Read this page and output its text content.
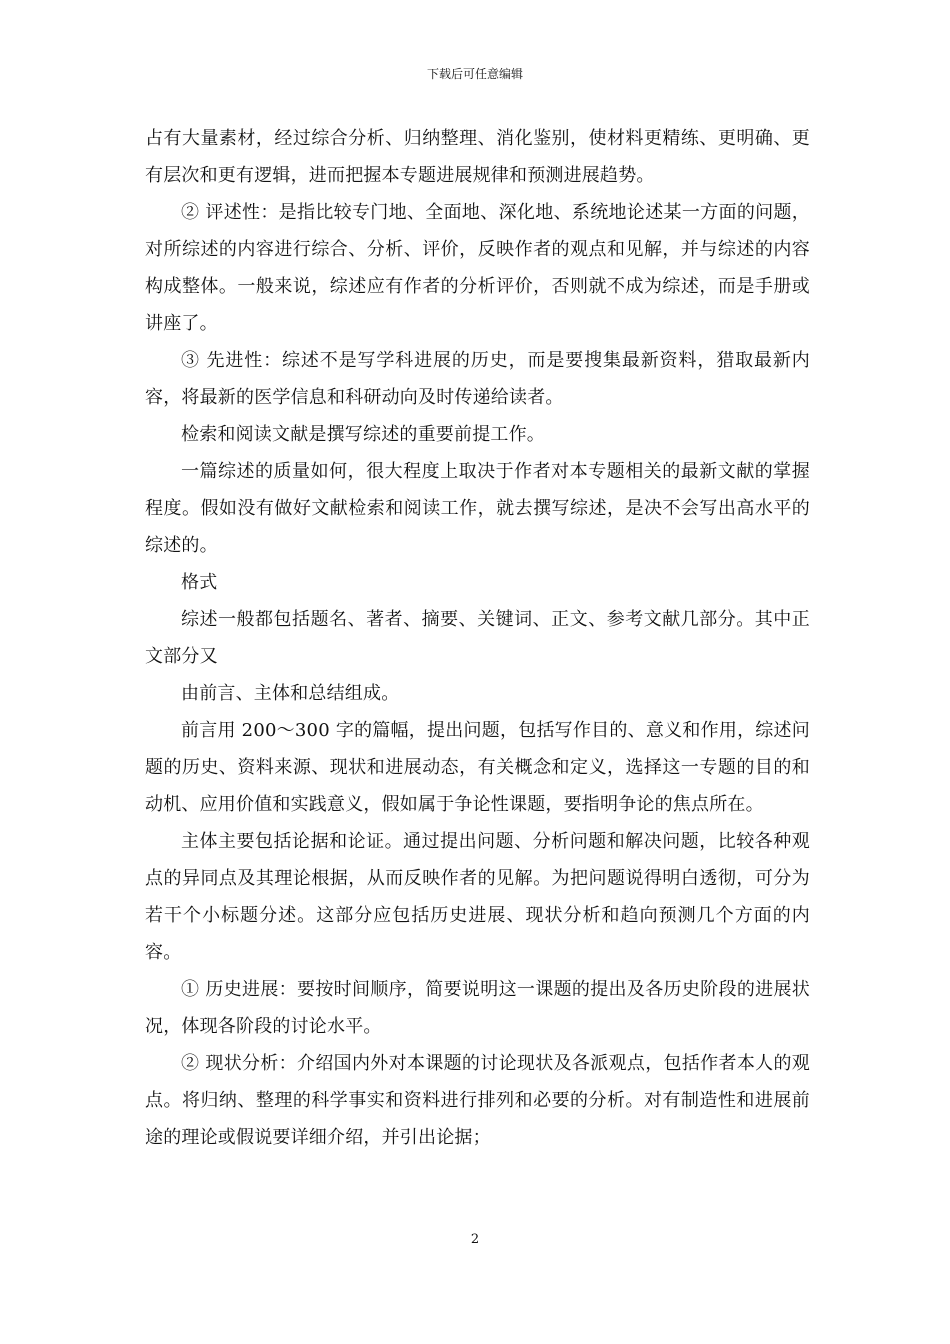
下载后可任意编辑

占有大量素材，经过综合分析、归纳整理、消化鉴别，使材料更精练、更明确、更有层次和更有逻辑，进而把握本专题进展规律和预测进展趋势。

② 评述性：是指比较专门地、全面地、深化地、系统地论述某一方面的问题，对所综述的内容进行综合、分析、评价，反映作者的观点和见解，并与综述的内容构成整体。一般来说，综述应有作者的分析评价，否则就不成为综述，而是手册或讲座了。

③ 先进性：综述不是写学科进展的历史，而是要搜集最新资料，猎取最新内容，将最新的医学信息和科研动向及时传递给读者。

检索和阅读文献是撰写综述的重要前提工作。

一篇综述的质量如何，很大程度上取决于作者对本专题相关的最新文献的掌握程度。假如没有做好文献检索和阅读工作，就去撰写综述，是决不会写出高水平的综述的。

格式

综述一般都包括题名、著者、摘要、关键词、正文、参考文献几部分。其中正文部分又

由前言、主体和总结组成。

前言用 200～300 字的篇幅，提出问题，包括写作目的、意义和作用，综述问题的历史、资料来源、现状和进展动态，有关概念和定义，选择这一专题的目的和动机、应用价值和实践意义，假如属于争论性课题，要指明争论的焦点所在。

主体主要包括论据和论证。通过提出问题、分析问题和解决问题，比较各种观点的异同点及其理论根据，从而反映作者的见解。为把问题说得明白透彻，可分为若干个小标题分述。这部分应包括历史进展、现状分析和趋向预测几个方面的内容。

① 历史进展：要按时间顺序，简要说明这一课题的提出及各历史阶段的进展状况，体现各阶段的讨论水平。

② 现状分析：介绍国内外对本课题的讨论现状及各派观点，包括作者本人的观点。将归纳、整理的科学事实和资料进行排列和必要的分析。对有制造性和进展前途的理论或假说要详细介绍，并引出论据；

2
